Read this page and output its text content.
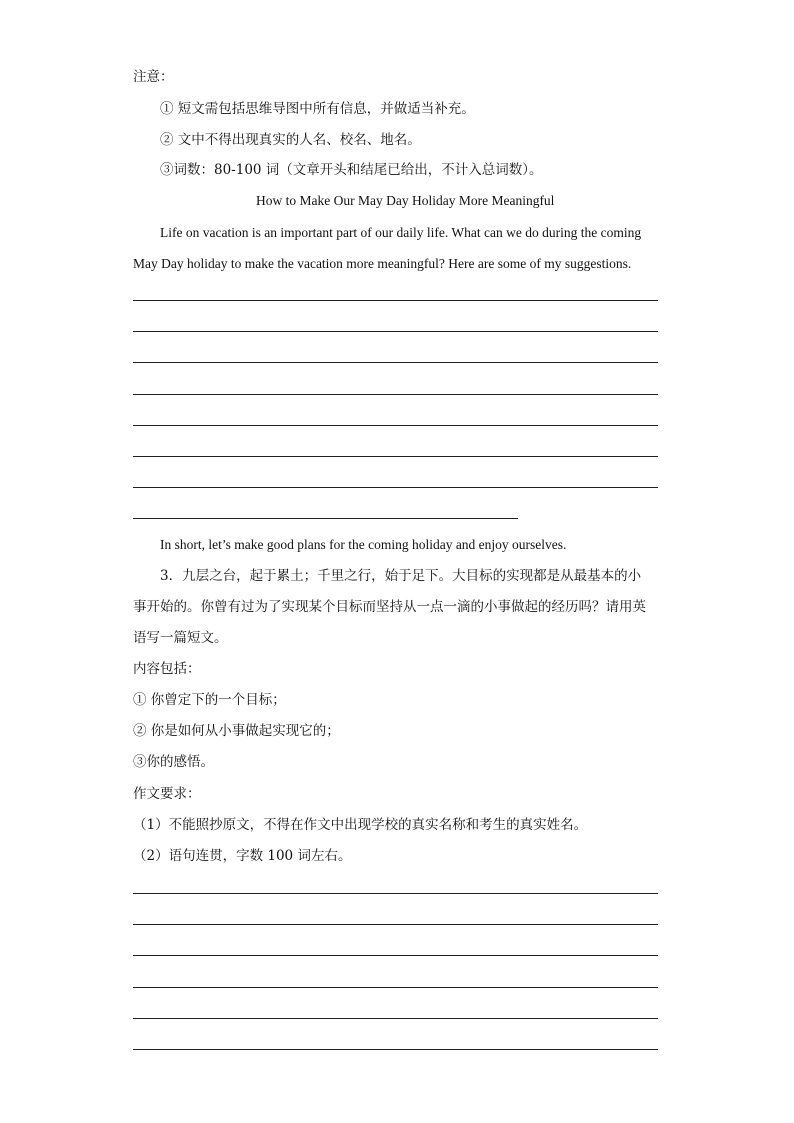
注意：
① 短文需包括思维导图中所有信息，并做适当补充。
② 文中不得出现真实的人名、校名、地名。
③词数：80-100 词（文章开头和结尾已给出，不计入总词数）。
How to Make Our May Day Holiday More Meaningful
Life on vacation is an important part of our daily life. What can we do during the coming
May Day holiday to make the vacation more meaningful? Here are some of my suggestions.
In short, let’s make good plans for the coming holiday and enjoy ourselves.
3．九层之台，起于累土；千里之行，始于足下。大目标的实现都是从最基本的小
事开始的。你曾有过为了实现某个目标而坚持从一点一滴的小事做起的经历吗？请用英
语写一篇短文。
内容包括：
① 你曾定下的一个目标；
② 你是如何从小事做起实现它的；
③你的感悟。
作文要求：
（1）不能照抄原文，不得在作文中出现学校的真实名称和考生的真实姓名。
（2）语句连贯，字数 100 词左右。
